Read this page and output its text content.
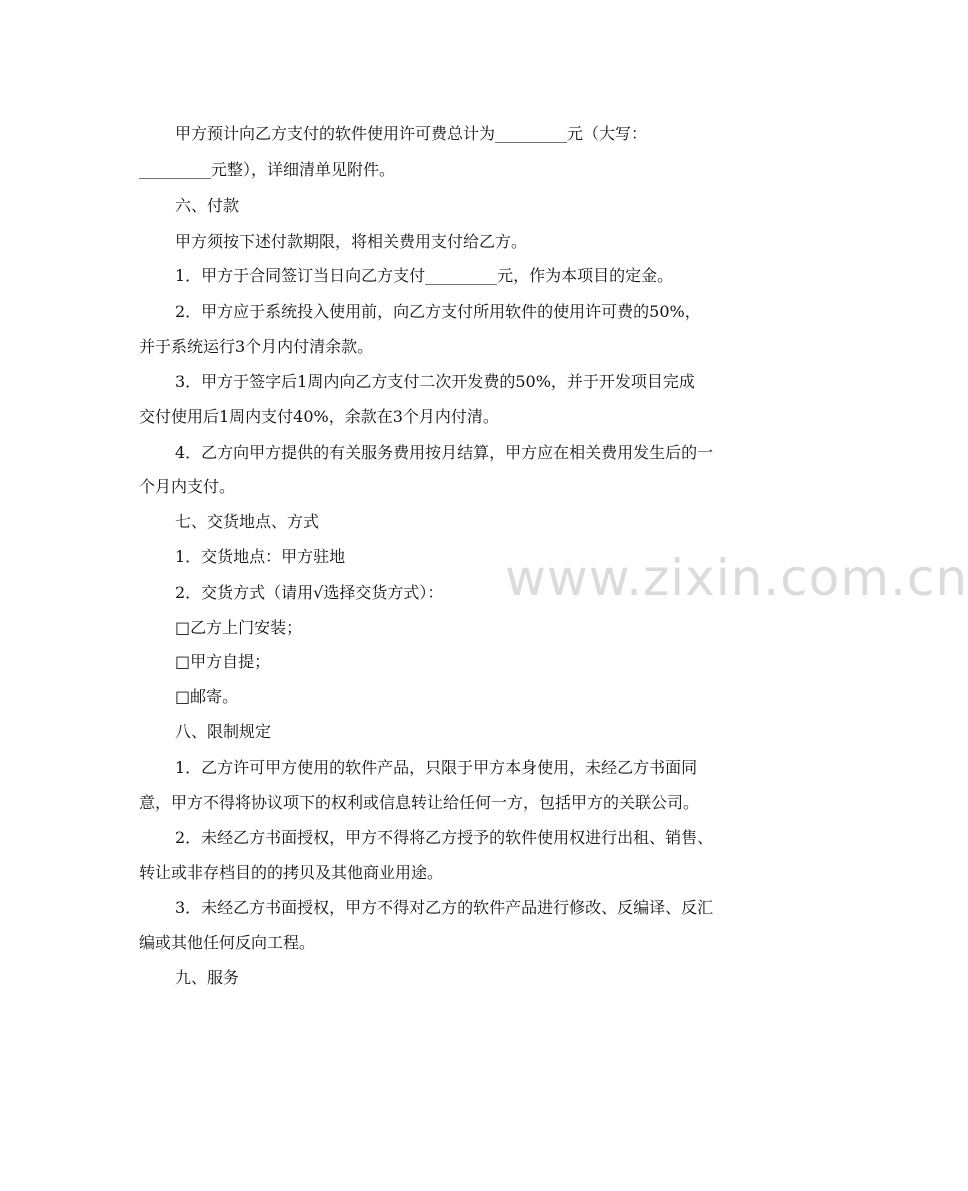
www.zixin.com.cn
甲方预计向乙方支付的软件使用许可费总计为_________元（大写：
_________元整），详细清单见附件。
六、付款
甲方须按下述付款期限，将相关费用支付给乙方。
1．甲方于合同签订当日向乙方支付_________元，作为本项目的定金。
2．甲方应于系统投入使用前，向乙方支付所用软件的使用许可费的50%，
并于系统运行3个月内付清余款。
3．甲方于签字后1周内向乙方支付二次开发费的50%，并于开发项目完成
交付使用后1周内支付40%，余款在3个月内付清。
4．乙方向甲方提供的有关服务费用按月结算，甲方应在相关费用发生后的一
个月内支付。
七、交货地点、方式
1．交货地点：甲方驻地
2．交货方式（请用√选择交货方式）：
□乙方上门安装；
□甲方自提；
□邮寄。
八、限制规定
1．乙方许可甲方使用的软件产品，只限于甲方本身使用，未经乙方书面同
意，甲方不得将协议项下的权利或信息转让给任何一方，包括甲方的关联公司。
2．未经乙方书面授权，甲方不得将乙方授予的软件使用权进行出租、销售、
转让或非存档目的的拷贝及其他商业用途。
3．未经乙方书面授权，甲方不得对乙方的软件产品进行修改、反编译、反汇
编或其他任何反向工程。
九、服务
